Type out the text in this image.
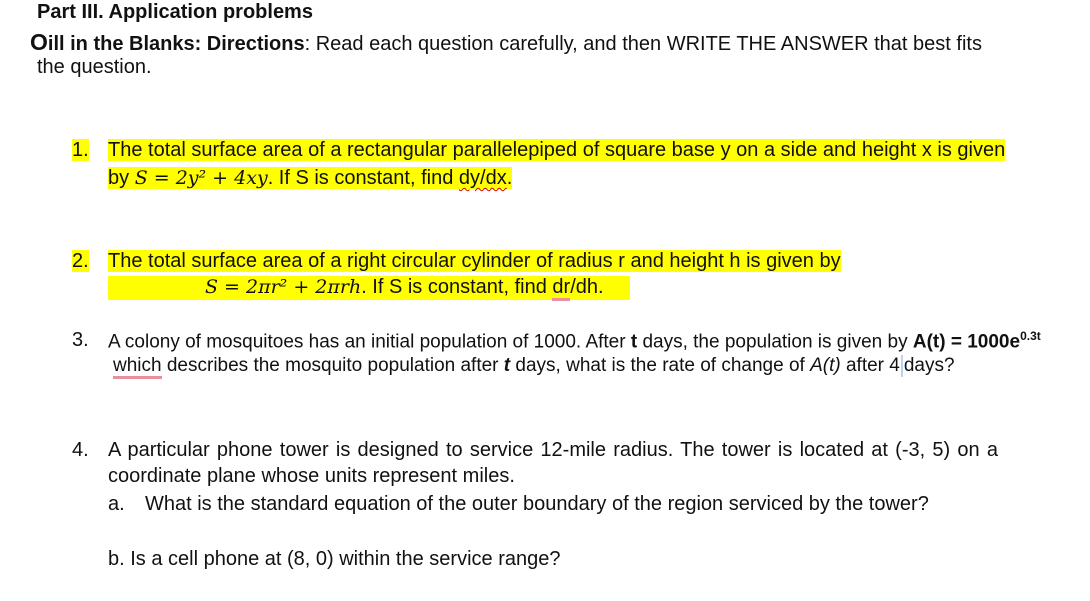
Part III. Application problems
Oill in the Blanks: Directions: Read each question carefully, and then WRITE THE ANSWER that best fits
the question.
1. The total surface area of a rectangular parallelepiped of square base y on a side and height x is given
by S = 2y² + 4xy. If S is constant, find dy/dx.
2. The total surface area of a right circular cylinder of radius r and height h is given by
S = 2πr² + 2πrh. If S is constant, find dr/dh.
3. A colony of mosquitoes has an initial population of 1000. After t days, the population is given by $A(t) = 1000e^{0.3t}$
which describes the mosquito population after t days, what is the rate of change of A(t) after 4 days?
4. A particular phone tower is designed to service 12-mile radius. The tower is located at (-3, 5) on a
coordinate plane whose units represent miles.
a. What is the standard equation of the outer boundary of the region serviced by the tower?
b. Is a cell phone at (8, 0) within the service range?
